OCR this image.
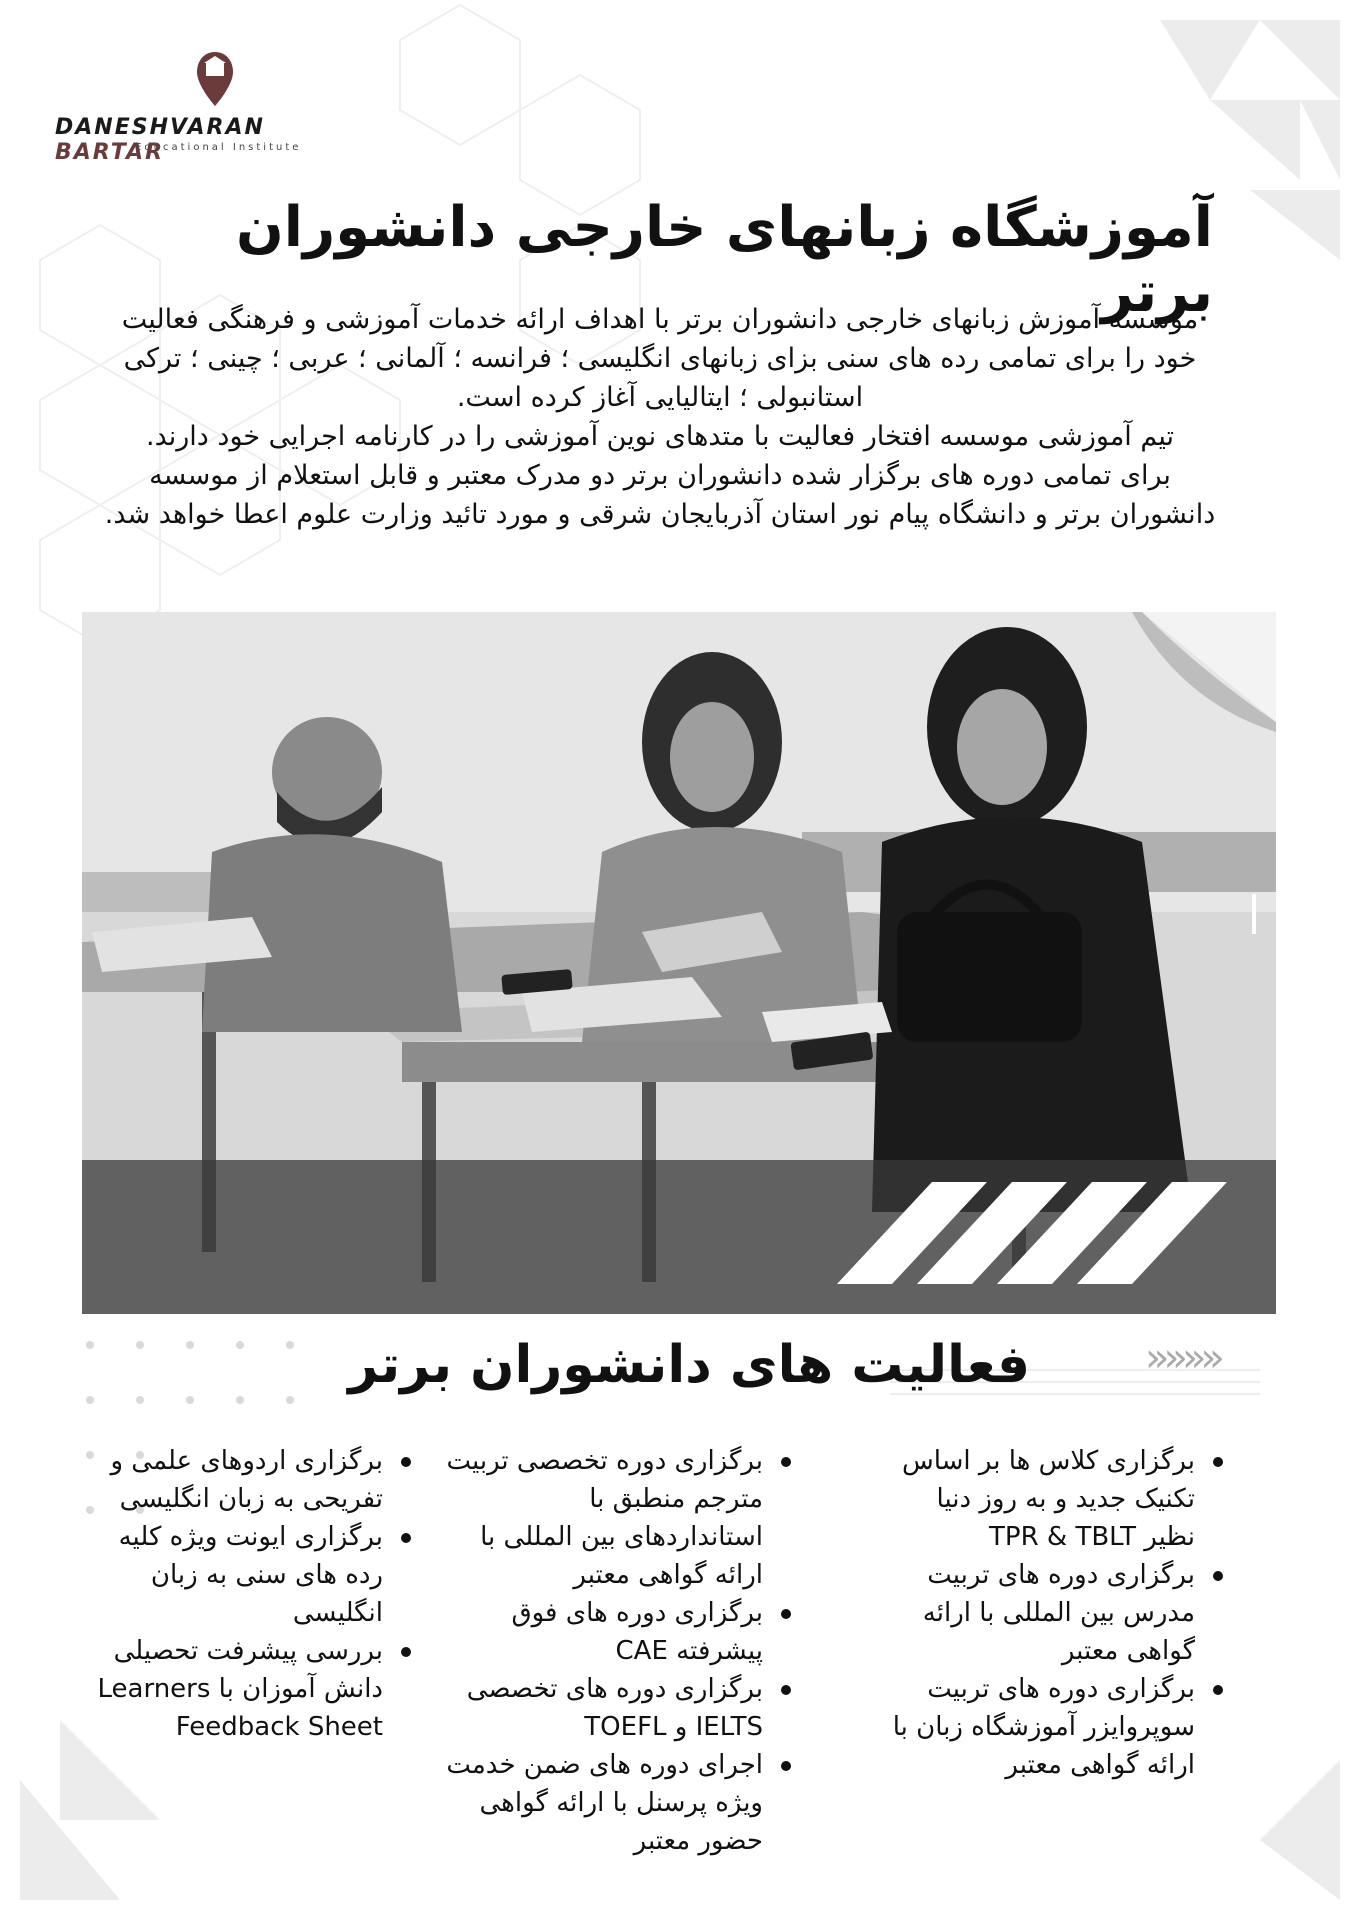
DANESHVARAN BARTAR
Educational Institute
آموزشگاه زبانهای خارجی دانشوران برتر

موسسه آموزش زبانهای خارجی دانشوران برتر با اهداف ارائه خدمات آموزشی و فرهنگی فعالیت خود را برای تمامی رده های سنی بزای زبانهای انگلیسی ؛ فرانسه ؛ آلمانی ؛ عربی ؛ چینی ؛ ترکی استانبولی ؛ ایتالیایی آغاز کرده است.

تیم آموزشی موسسه افتخار فعالیت با متدهای نوین آموزشی را در کارنامه اجرایی خود دارند.

برای تمامی دوره های برگزار شده دانشوران برتر دو مدرک معتبر و قابل استعلام از موسسه دانشوران برتر و دانشگاه پیام نور استان آذربایجان شرقی و مورد تائید وزارت علوم اعطا خواهد شد.

»»»»
فعالیت های دانشوران برتر
برگزاری کلاس ها بر اساس تکنیک جدید و به روز دنیا نظیر TPR & TBLT
برگزاری دوره های تربیت مدرس بین المللی با ارائه گواهی معتبر
برگزاری دوره های تربیت سوپروایزر آموزشگاه زبان با ارائه گواهی معتبر
برگزاری دوره تخصصی تربیت مترجم منطبق با استانداردهای بین المللی با ارائه گواهی معتبر
برگزاری دوره های فوق پیشرفته CAE
برگزاری دوره های تخصصی IELTS و TOEFL
اجرای دوره های ضمن خدمت ویژه پرسنل با ارائه گواهی حضور معتبر
برگزاری اردوهای علمی و تفریحی به زبان انگلیسی
برگزاری ایونت ویژه کلیه رده های سنی به زبان انگلیسی
بررسی پیشرفت تحصیلی دانش آموزان با Learners Feedback Sheet
